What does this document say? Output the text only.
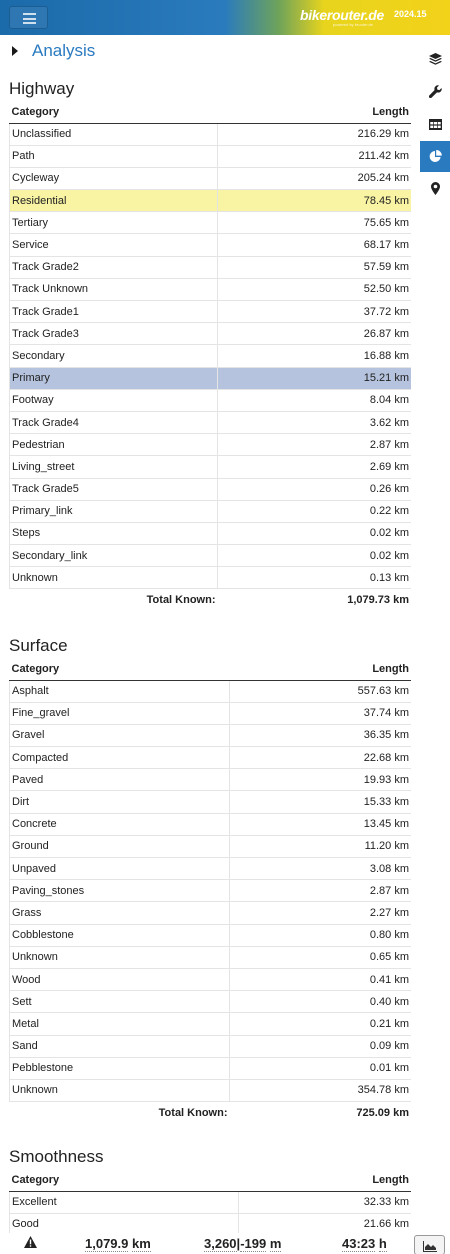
bikerouter.de
powered by brouter.de
2024.15
Analysis
Highway
Category	Length
Unclassified	216.29 km
Path	211.42 km
Cycleway	205.24 km
Residential	78.45 km
Tertiary	75.65 km
Service	68.17 km
Track Grade2	57.59 km
Track Unknown	52.50 km
Track Grade1	37.72 km
Track Grade3	26.87 km
Secondary	16.88 km
Primary	15.21 km
Footway	8.04 km
Track Grade4	3.62 km
Pedestrian	2.87 km
Living_street	2.69 km
Track Grade5	0.26 km
Primary_link	0.22 km
Steps	0.02 km
Secondary_link	0.02 km
Unknown	0.13 km
Total Known:	1,079.73 km
Surface
Category	Length
Asphalt	557.63 km
Fine_gravel	37.74 km
Gravel	36.35 km
Compacted	22.68 km
Paved	19.93 km
Dirt	15.33 km
Concrete	13.45 km
Ground	11.20 km
Unpaved	3.08 km
Paving_stones	2.87 km
Grass	2.27 km
Cobblestone	0.80 km
Unknown	0.65 km
Wood	0.41 km
Sett	0.40 km
Metal	0.21 km
Sand	0.09 km
Pebblestone	0.01 km
Unknown	354.78 km
Total Known:	725.09 km
Smoothness
Category	Length
Excellent	32.33 km
Good	21.66 km
1,079.9 km	3,260|-199 m	43:23 h
